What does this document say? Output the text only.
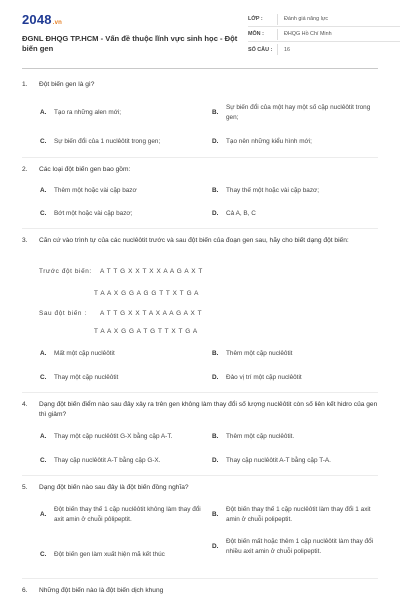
2048.vn
ĐGNL ĐHQG TP.HCM - Vấn đề thuộc lĩnh vực sinh học - Đột biến gen
LỚP :	Đánh giá năng lực
MÔN :	ĐHQG Hồ Chí Minh
SỐ CÂU :	16
1.	Đột biến gen là gì?
A.	Tạo ra những alen mới;	B.
Sự biến đổi của một hay một số cặp nuclêôtit trong gen;
C.	Sự biến đổi của 1 nuclêôtit trong gen;	D.	Tạo nên những kiểu hình mới;
2.	Các loại đột biến gen bao gồm:
A.	Thêm một hoặc vài cặp bazơ	B.	Thay thế một hoặc vài cặp bazơ;
C.	Bớt một hoặc vài cặp bazơ;	D.	Cả A, B, C
3.	Căn cứ vào trình tự của các nuclêôtit trước và sau đột biến của đoạn gen sau, hãy cho biết dạng đột biến:
Trước đột biến: A T T G X X T X X A A G A X T
T A A X G G A G G T T X T G A
Sau đột biến : A T T G X X T A X A A G A X T
T A A X G G A T G T T X T G A
A.	Mất một cặp nuclêôtit	B.	Thêm một cặp nuclêôtit
C.	Thay một cặp nuclêôtit	D.	Đảo vị trí một cặp nuclêôtit
4.	Dạng đột biến điểm nào sau đây xảy ra trên gen không làm thay đổi số lượng nuclêôtit còn số liên kết hidro của gen thì giảm?
A.	Thay một cặp nuclêôtit G-X bằng cặp A-T.	B.	Thêm một cặp nuclêôtit.
C.	Thay cặp nuclêôtit A-T bằng cặp G-X.	D.	Thay cặp nuclêôtit A-T bằng cặp T-A.
5.	Dạng đột biến nào sau đây là đột biến đồng nghĩa?
A.
Đột biến thay thế 1 cặp nuclêôtit không làm thay đổi axit amin ở chuỗi pôlipeptit.
B.
Đột biến thay thế 1 cặp nuclêôtit làm thay đổi 1 axit amin ở chuỗi polipeptit.
C.	Đột biến gen làm xuất hiện mã kết thúc
D.
Đột biến mất hoặc thêm 1 cặp nuclêôtit làm thay đổi nhiều axit amin ở chuỗi polipeptit.
6.	Những đột biến nào là đột biến dịch khung
